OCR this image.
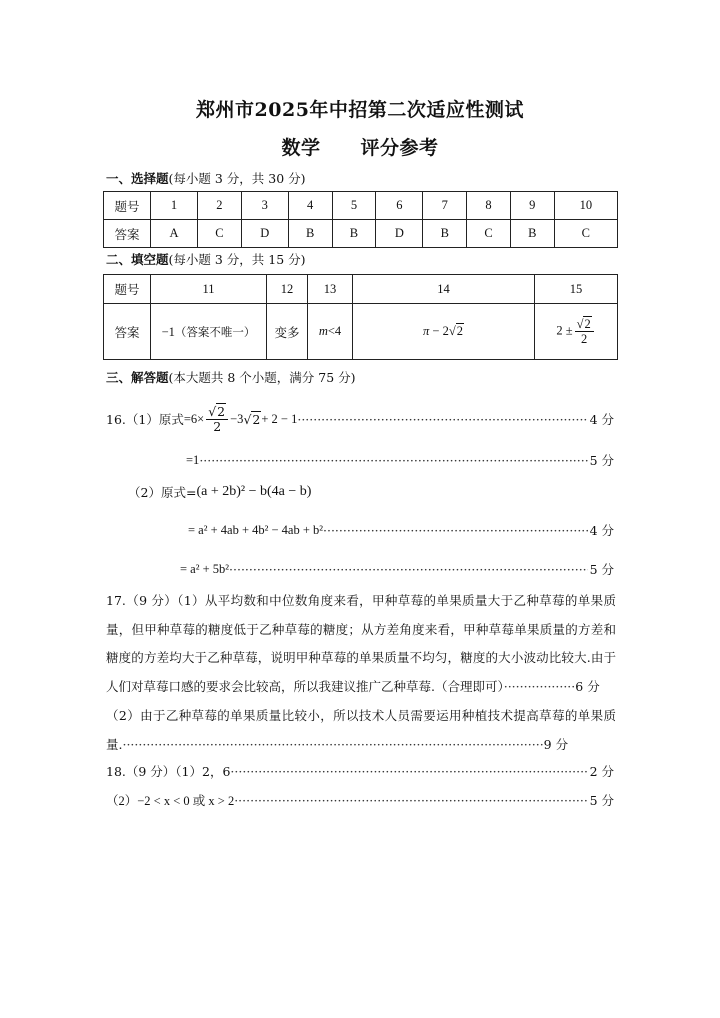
郑州市2025年中招第二次适应性测试
数学 评分参考
一、选择题(每小题 3 分，共 30 分)
题号	1	2	3	4	5	6	7	8	9	10
答案	A	C	D	B	B	D	B	C	B	C
二、填空题(每小题 3 分，共 15 分)
题号	11	12	13	14	15
答案	−1（答案不唯一）	变多	m<4	π − 2√2	$2 \pm \frac{√2}{2}$
三、解答题(本大题共 8 个小题，满分 75 分)
16.（1）原式 $=6\times \frac{√2}{2} -3$ √2 + 2 − 1 ·····	4 分
=1 ·····	5 分
（2）原式= (a + 2b)² − b(4a − b)
= a² + 4ab + 4b² − 4ab + b² ·····	4 分
= a² + 5b² ·····	5 分
17.（9 分）（1）从平均数和中位数角度来看，甲种草莓的单果质量大于乙种草莓的单果质量，但甲种草莓的糖度低于乙种草莓的糖度；从方差角度来看，甲种草莓单果质量的方差和糖度的方差均大于乙种草莓，说明甲种草莓的单果质量不均匀，糖度的大小波动比较大.由于人们对草莓口感的要求会比较高，所以我建议推广乙种草莓.（合理即可）··················6 分
（2）由于乙种草莓的单果质量比较小，所以技术人员需要运用种植技术提高草莓的单果质量.··········································································································9 分
18.（9 分）（1）2，6 ·····	2 分
（2）−2 < x < 0 或 x > 2 ·····	5 分
